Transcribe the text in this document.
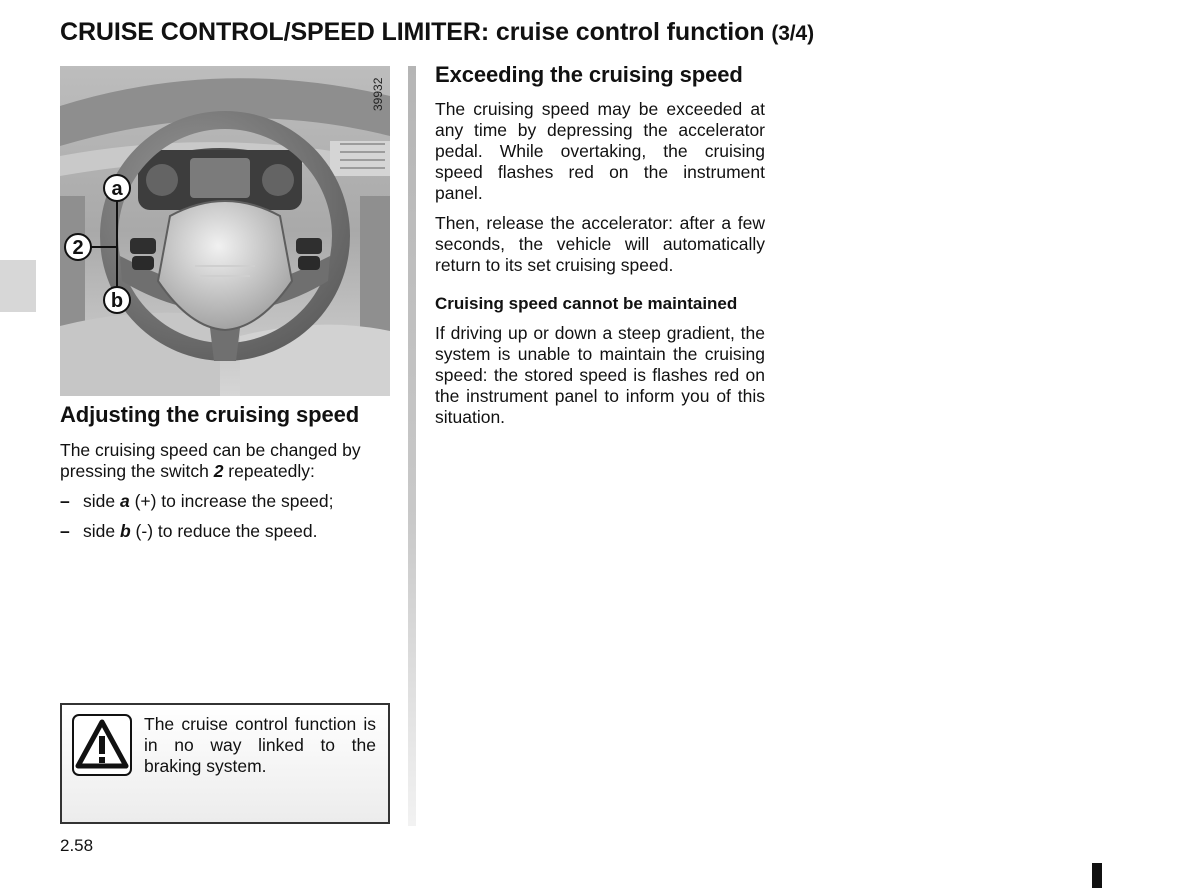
CRUISE CONTROL/SPEED LIMITER: cruise control function (3/4)
a
2
b
39932
Adjusting the cruising speed

The cruising speed can be changed by pressing the switch 2 repeatedly:

– side a (+) to increase the speed;
– side b (-) to reduce the speed.
The cruise control function is in no way linked to the braking system.
Exceeding the cruising speed

The cruising speed may be exceeded at any time by depressing the accelerator pedal. While overtaking, the cruising speed flashes red on the instrument panel.

Then, release the accelerator: after a few seconds, the vehicle will automatically return to its set cruising speed.

Cruising speed cannot be maintained

If driving up or down a steep gradient, the system is unable to maintain the cruising speed: the stored speed is flashes red on the instrument panel to inform you of this situation.

2.58
